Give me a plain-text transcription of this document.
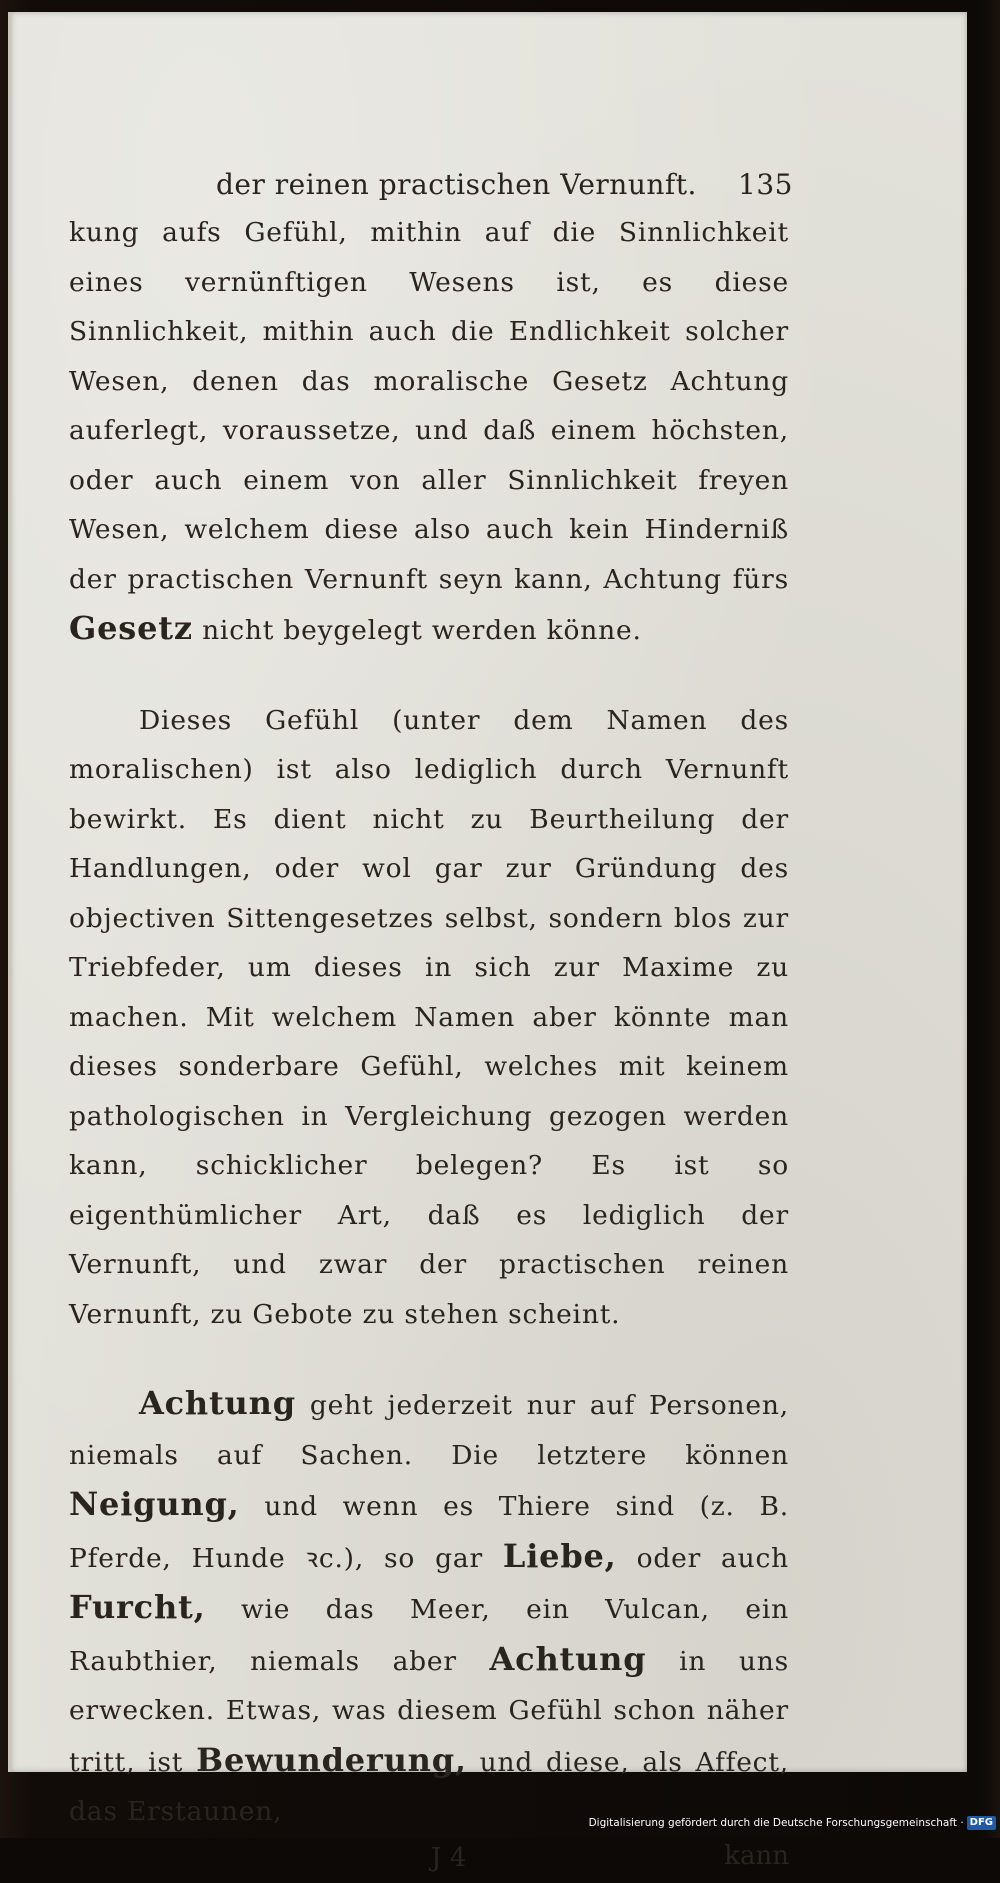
der reinen practischen Vernunft. 135

kung aufs Gefühl, mithin auf die Sinnlichkeit eines vernünftigen Wesens ist, es diese Sinnlichkeit, mithin auch die Endlichkeit solcher Wesen, denen das moralische Gesetz Achtung auferlegt, voraussetze, und daß einem höchsten, oder auch einem von aller Sinnlichkeit freyen Wesen, welchem diese also auch kein Hinderniß der practischen Vernunft seyn kann, Achtung fürs Gesetz nicht beygelegt werden könne.

Dieses Gefühl (unter dem Namen des moralischen) ist also lediglich durch Vernunft bewirkt. Es dient nicht zu Beurtheilung der Handlungen, oder wol gar zur Gründung des objectiven Sittengesetzes selbst, sondern blos zur Triebfeder, um dieses in sich zur Maxime zu machen. Mit welchem Namen aber könnte man dieses sonderbare Gefühl, welches mit keinem pathologischen in Vergleichung gezogen werden kann, schicklicher belegen? Es ist so eigenthümlicher Art, daß es lediglich der Vernunft, und zwar der practischen reinen Vernunft, zu Gebote zu stehen scheint.

Achtung geht jederzeit nur auf Personen, niemals auf Sachen. Die letztere können Neigung, und wenn es Thiere sind (z. B. Pferde, Hunde ꝛc.), so gar Liebe, oder auch Furcht, wie das Meer, ein Vulcan, ein Raubthier, niemals aber Achtung in uns erwecken. Etwas, was diesem Gefühl schon näher tritt, ist Bewunderung, und diese, als Affect, das Erstaunen,

J 4	kann
Digitalisierung gefördert durch die Deutsche Forschungsgemeinschaft · DFG
